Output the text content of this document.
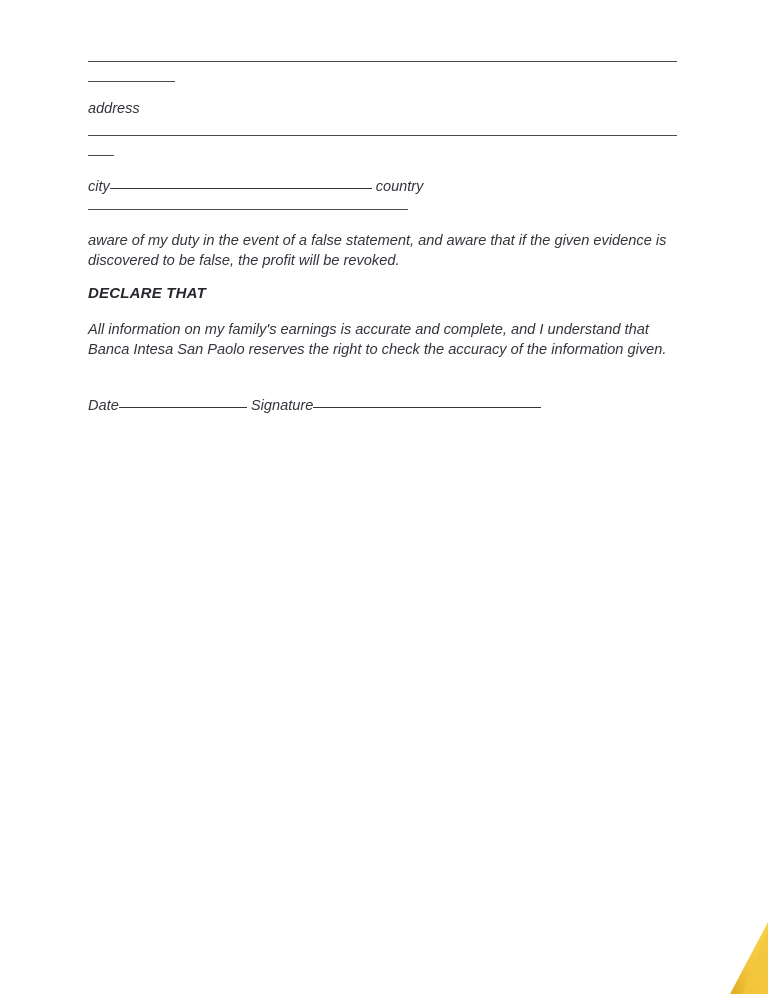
address
city	country
aware of my duty in the event of a false statement, and aware that if the given evidence is discovered to be false, the profit will be revoked.
DECLARE THAT
All information on my family's earnings is accurate and complete, and I understand that Banca Intesa San Paolo reserves the right to check the accuracy of the information given.
Date	Signature
